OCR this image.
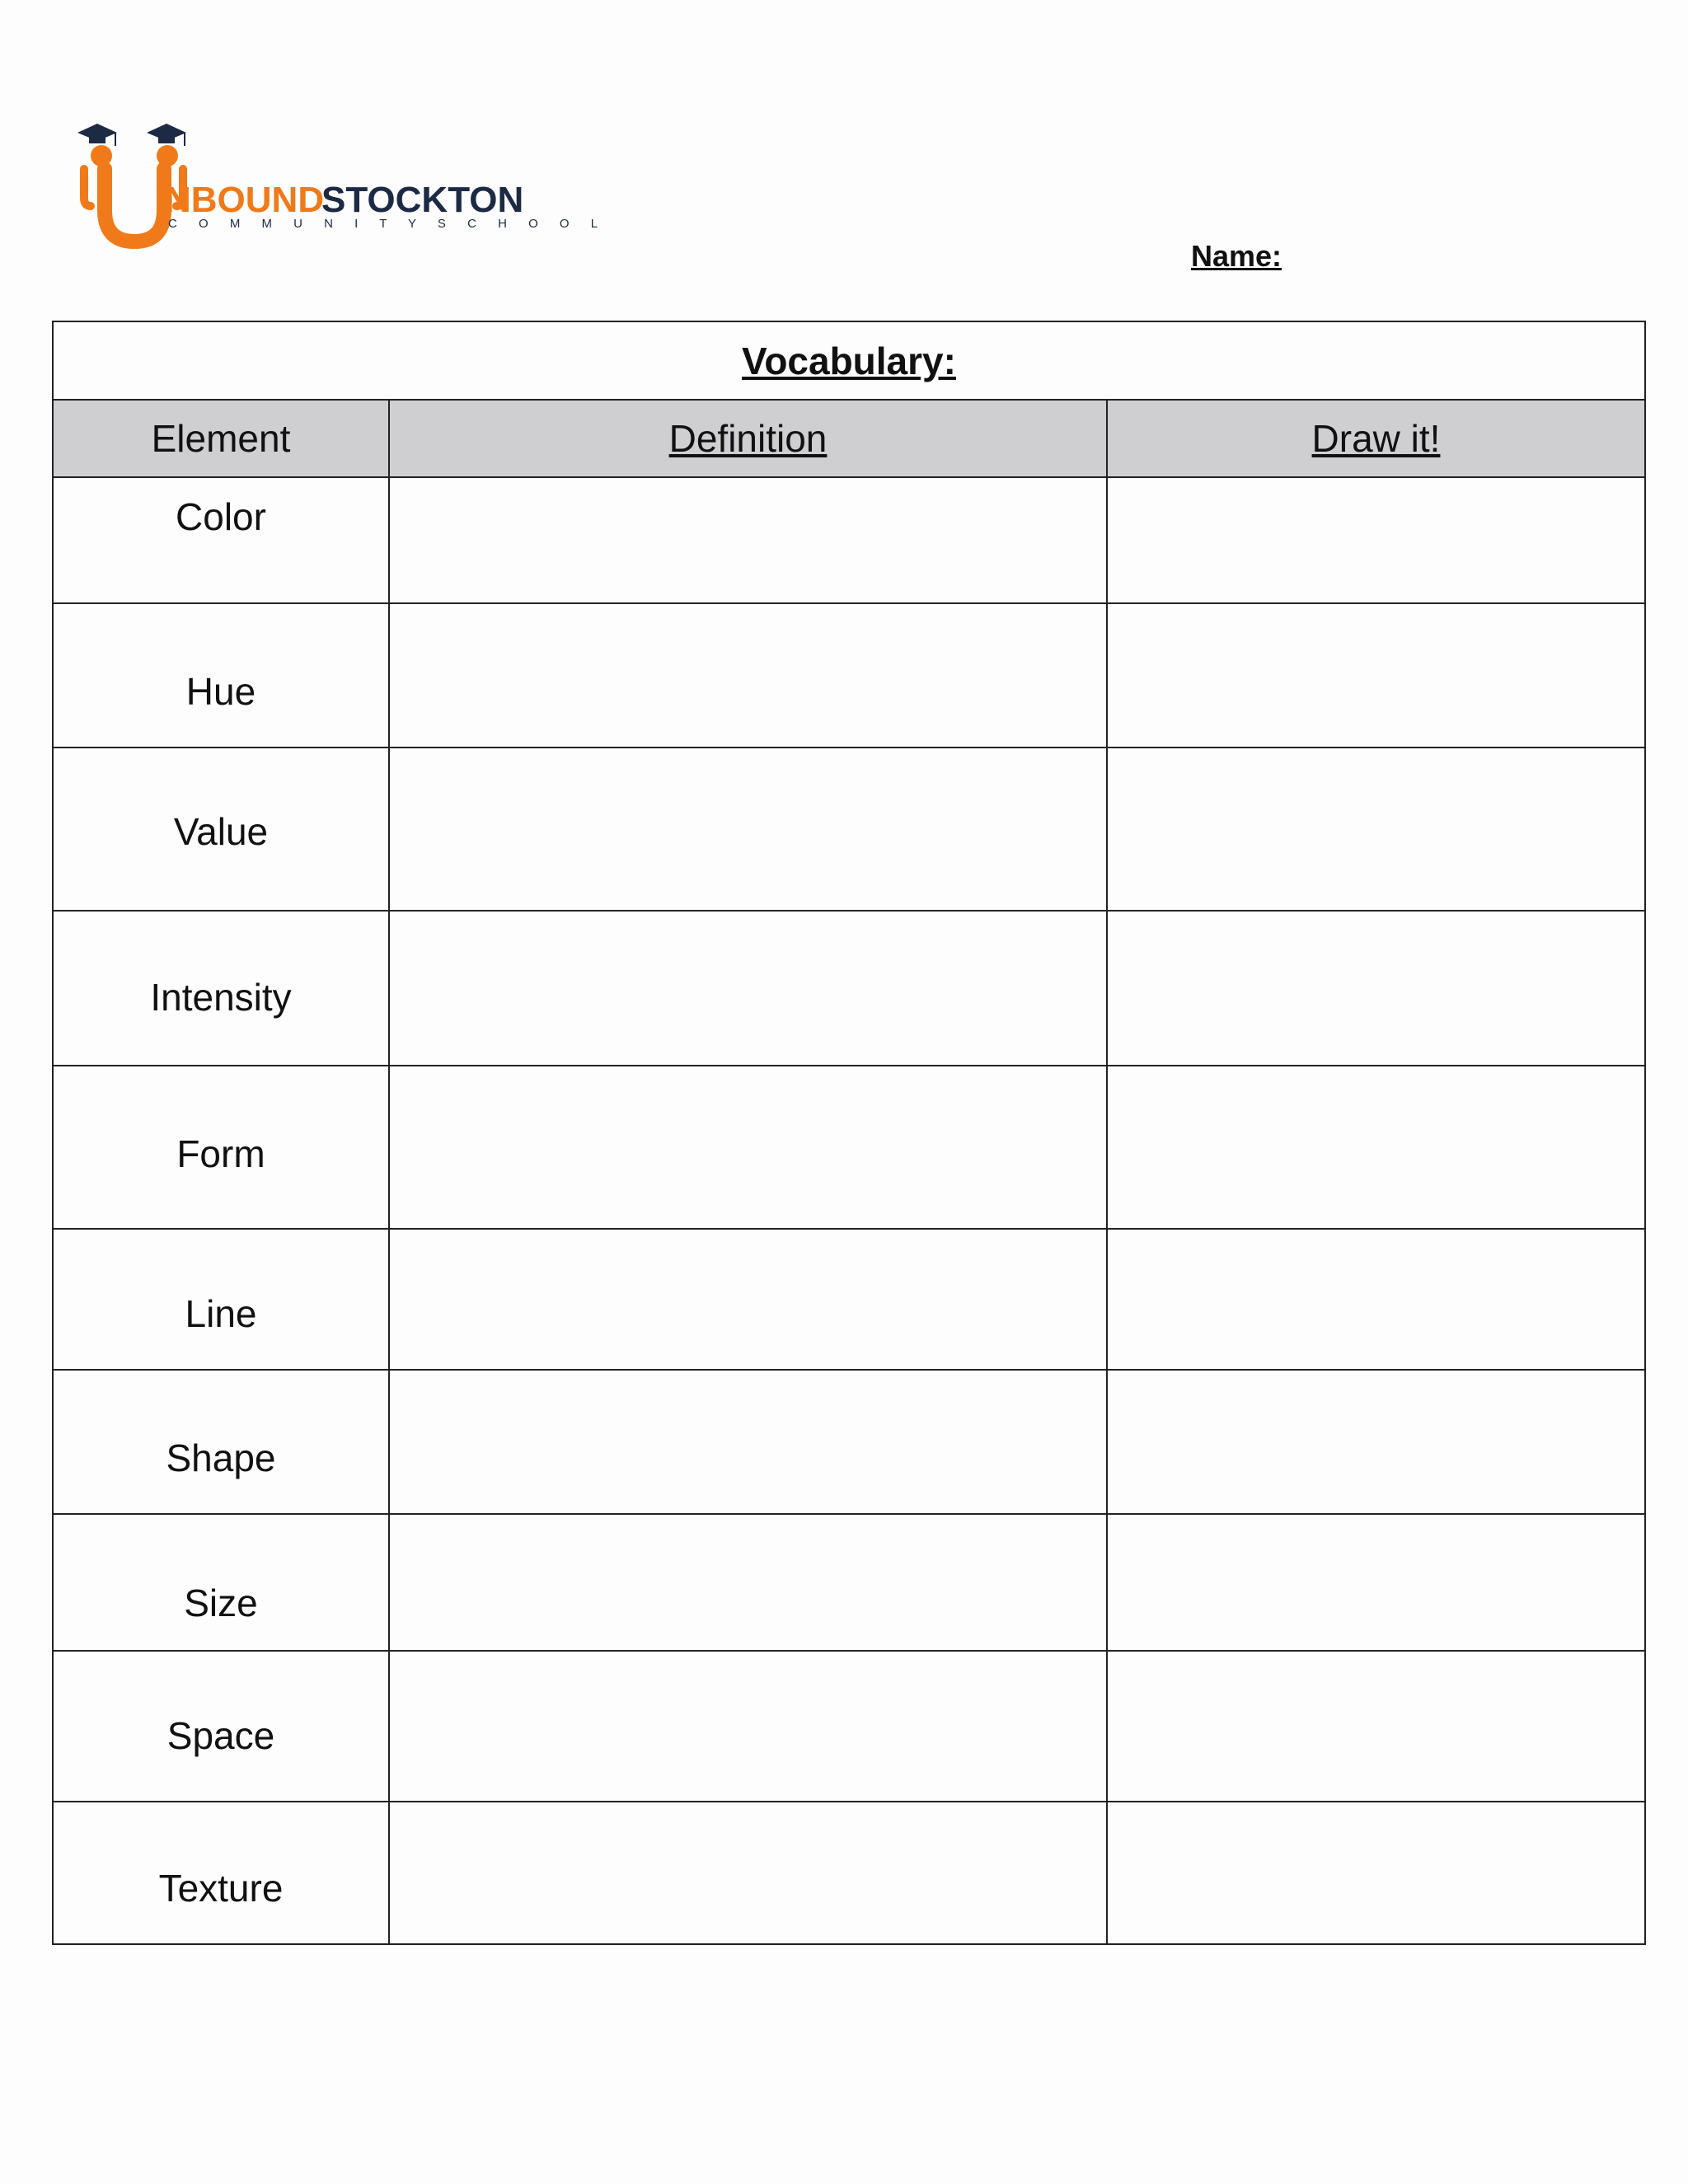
NBOUND
STOCKTON
C O M M U N I T Y S C H O O L
Name:
Vocabulary:		
Element	Definition	Draw it!
Color		
Hue		
Value		
Intensity		
Form		
Line		
Shape		
Size		
Space		
Texture		
